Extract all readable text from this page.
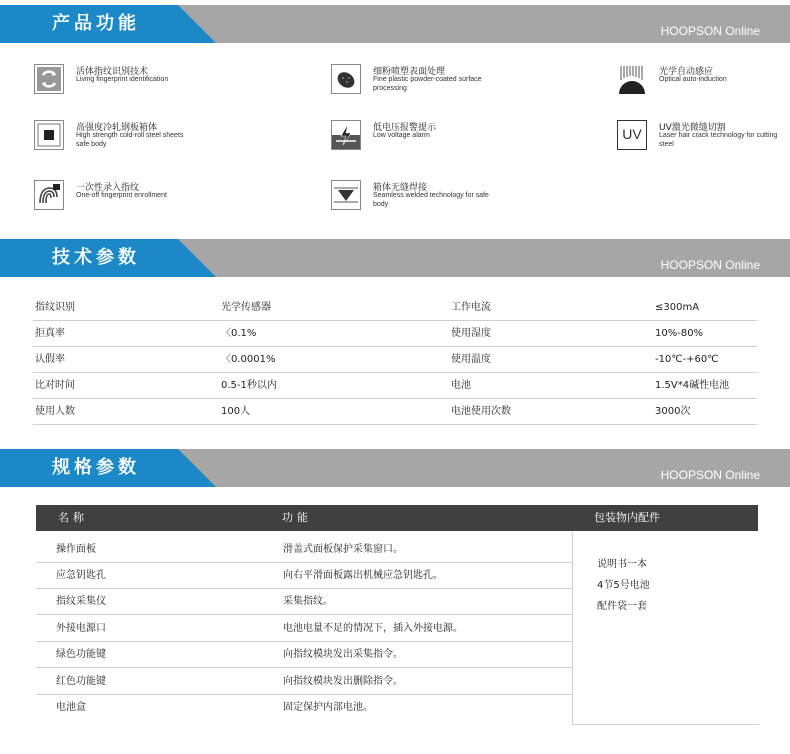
产品功能	HOOPSON Online
活体指纹识别技术
Living fingerprint identification
细粉喷塑表面处理
Fine plastic powder-coated surface processing
光学自动感应
Optical auto-induction
高强度冷轧钢板箱体
High strength cold-roll steel sheets safe body
低电压报警提示
Low voltage alarm	UV	UV激光微缝切割
Laser hair crack technology for cutting steel
一次性录入指纹
One-off fingerprint enrollment
箱体无缝焊接
Seamless welded technology for safe body
技术参数	HOOPSON Online
指纹识别	光学传感器	工作电流	≤300mA
拒真率	〈0.1%	使用湿度	10%-80%
认假率	〈0.0001%	使用温度	-10℃-+60℃
比对时间	0.5-1秒以内	电池	1.5V*4碱性电池
使用人数	100人	电池使用次数	3000次
规格参数	HOOPSON Online
名称	功能	包装物内配件
操作面板	滑盖式面板保护采集窗口。
应急钥匙孔	向右平滑面板露出机械应急钥匙孔。
指纹采集仪	采集指纹。
外接电源口	电池电量不足的情况下，插入外接电源。
绿色功能键	向指纹模块发出采集指令。
红色功能键	向指纹模块发出删除指令。
电池盒	固定保护内部电池。
说明书一本
4节5号电池
配件袋一套
